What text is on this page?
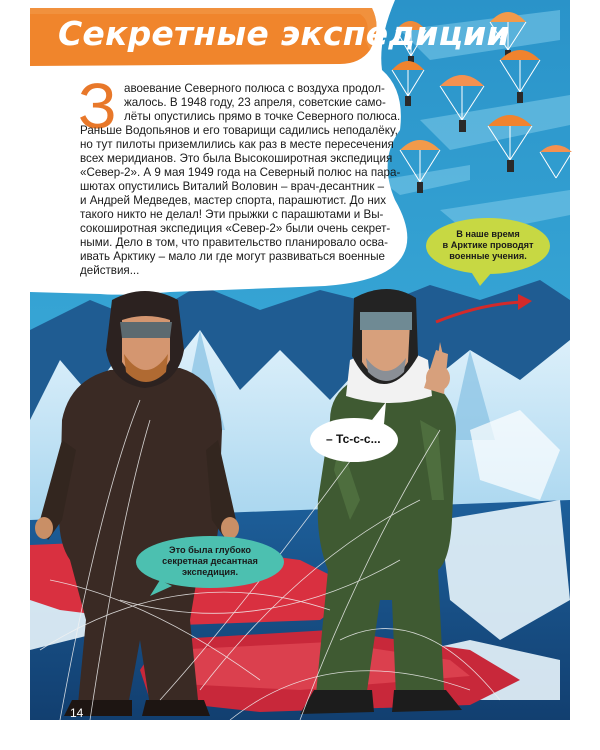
Секретные экспедиции
З авоевание Северного полюса с воздуха продол-
жалось. В 1948 году, 23 апреля, советские само-
лёты опустились прямо в точке Северного полюса.
Раньше Водопьянов и его товарищи садились неподалёку,
но тут пилоты приземлились как раз в месте пересечения
всех меридианов. Это была Высокоширотная экспедиция
«Север-2». А 9 мая 1949 года на Северный полюс на пара-
шютах опустились Виталий Воловин – врач-десантник –
и Андрей Медведев, мастер спорта, парашютист. До них
такого никто не делал! Эти прыжки с парашютами и Вы-
сокоширотная экспедиция «Север-2» были очень секрет-
ными. Дело в том, что правительство планировало осва-
ивать Арктику – мало ли где могут развиваться военные
действия...
В наше время
в Арктике проводят
военные учения.
Это была глубоко
секретная десантная
экспедиция.
– Тс-с-с...
14
